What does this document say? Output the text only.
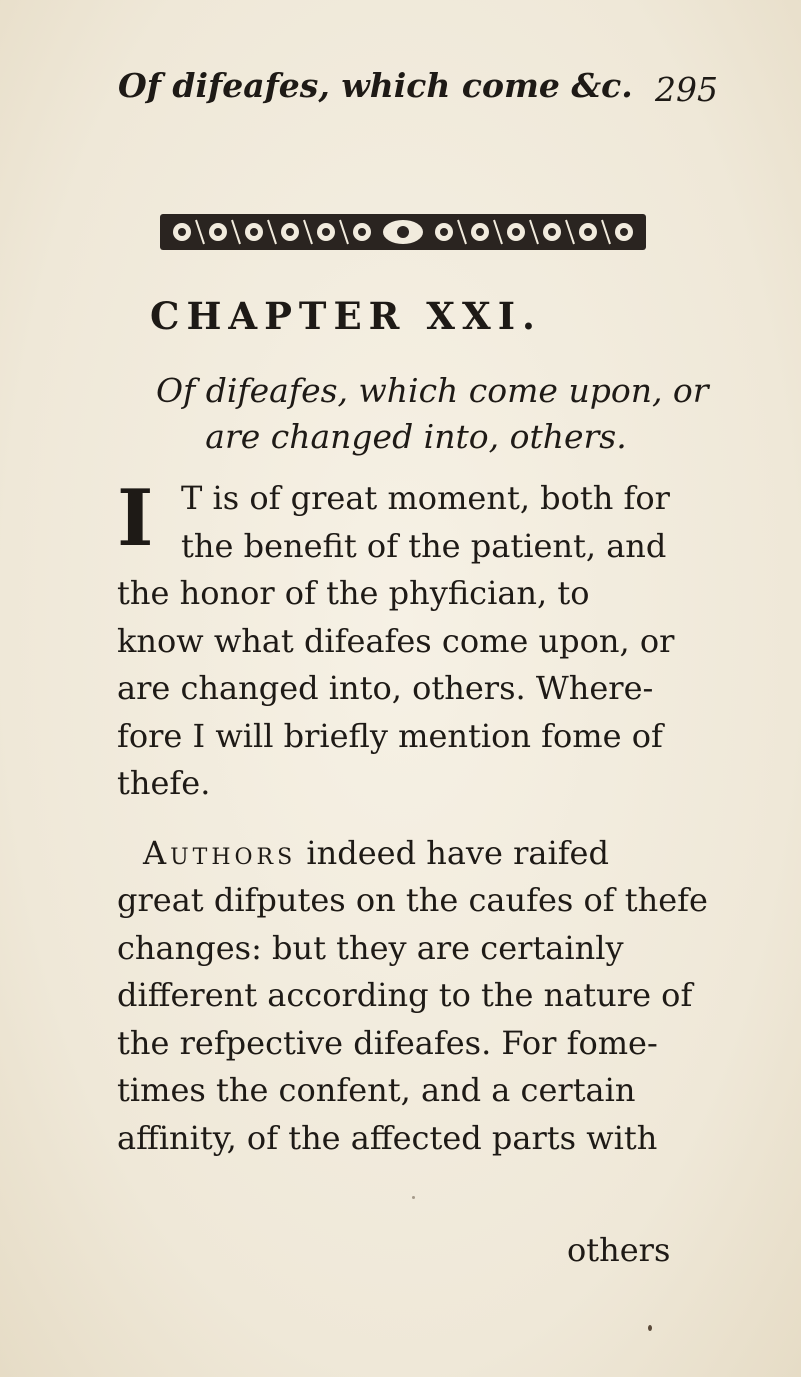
Of difeafes, which come &c. 295
CHAPTER XXI.
Of difeafes, which come upon, or
are changed into, others.
I T is of great moment, both for
the benefit of the patient, and
the honor of the phyfician, to
know what difeafes come upon, or
are changed into, others. Where-
fore I will briefly mention fome of
thefe.
Authors indeed have raifed
great difputes on the caufes of thefe
changes: but they are certainly
different according to the nature of
the refpective difeafes. For fome-
times the confent, and a certain
affinity, of the affected parts with
others
